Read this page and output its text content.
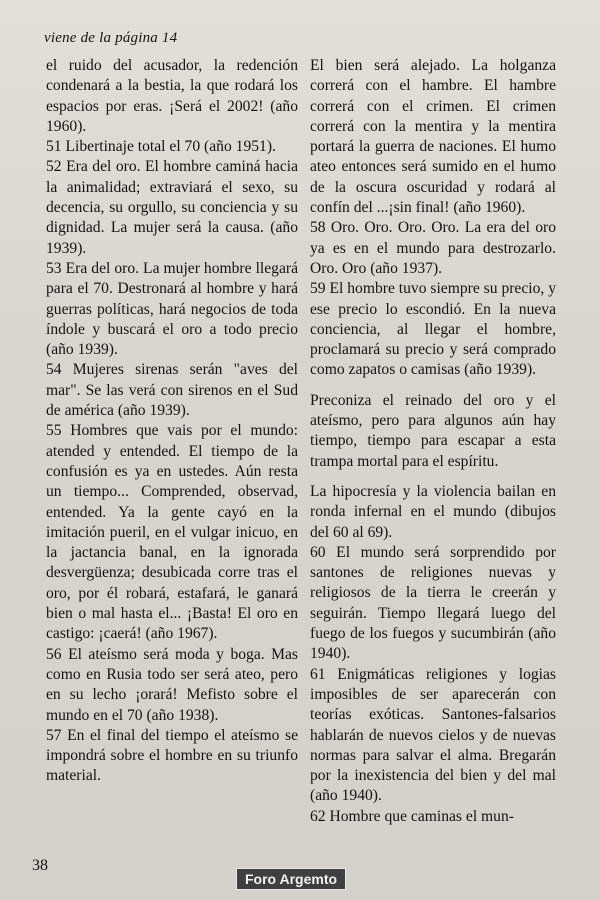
viene de la página 14

el ruido del acusador, la redención condenará a la bestia, la que rodará los espacios por eras. ¡Será el 2002! (año 1960).

51 Libertinaje total el 70 (año 1951).

52 Era del oro. El hombre caminá hacia la animalidad; extraviará el sexo, su decencia, su orgullo, su conciencia y su dignidad. La mujer será la causa. (año 1939).

53 Era del oro. La mujer hombre llegará para el 70. Destronará al hombre y hará guerras políticas, hará negocios de toda índole y buscará el oro a todo precio (año 1939).

54 Mujeres sirenas serán "aves del mar". Se las verá con sirenos en el Sud de américa (año 1939).

55 Hombres que vais por el mundo: atended y entended. El tiempo de la confusión es ya en ustedes. Aún resta un tiempo... Comprended, observad, entended. Ya la gente cayó en la imitación pueril, en el vulgar inicuo, en la jactancia banal, en la ignorada desvergüenza; desubicada corre tras el oro, por él robará, estafará, le ganará bien o mal hasta el... ¡Basta! El oro en castigo: ¡caerá! (año 1967).

56 El ateísmo será moda y boga. Mas como en Rusia todo ser será ateo, pero en su lecho ¡orará! Mefisto sobre el mundo en el 70 (año 1938).

57 En el final del tiempo el ateísmo se impondrá sobre el hombre en su triunfo material.

El bien será alejado. La holganza correrá con el hambre. El hambre correrá con el crimen. El crimen correrá con la mentira y la mentira portará la guerra de naciones. El humo ateo entonces será sumido en el humo de la oscura oscuridad y rodará al confín del ...¡sin final! (año 1960).

58 Oro. Oro. Oro. Oro. La era del oro ya es en el mundo para destrozarlo. Oro. Oro (año 1937).

59 El hombre tuvo siempre su precio, y ese precio lo escondió. En la nueva conciencia, al llegar el hombre, proclamará su precio y será comprado como zapatos o camisas (año 1939).

Preconiza el reinado del oro y el ateísmo, pero para algunos aún hay tiempo, tiempo para escapar a esta trampa mortal para el espíritu.

La hipocresía y la violencia bailan en ronda infernal en el mundo (dibujos del 60 al 69).

60 El mundo será sorprendido por santones de religiones nuevas y religiosos de la tierra le creerán y seguirán. Tiempo llegará luego del fuego de los fuegos y sucumbirán (año 1940).

61 Enigmáticas religiones y logias imposibles de ser aparecerán con teorías exóticas. Santones-falsarios hablarán de nuevos cielos y de nuevas normas para salvar el alma. Bregarán por la inexistencia del bien y del mal (año 1940).

62 Hombre que caminas el mun-

38
Foro Argemto
